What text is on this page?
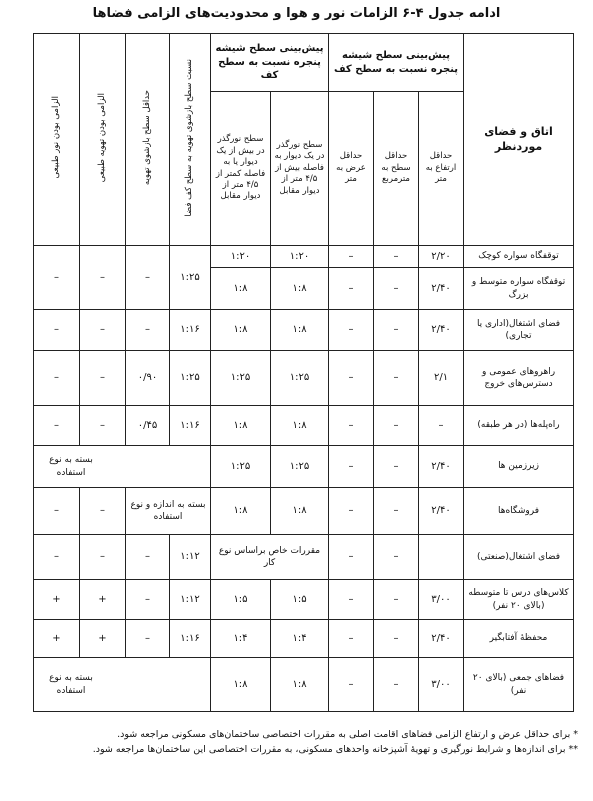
ادامه جدول ۴-۶ الزامات نور و هوا و محدودیت‌های الزامی فضاها
اتاق و فضای موردنظر	پیش‌بینی سطح شیشه پنجره نسبت به سطح کف			پیش‌بینی سطح شیشه پنجره نسبت به سطح کف		نسبت سطح بازشوی تهویه به سطح کف فضا	حداقل سطح بازشوی تهویه	الزامی بودن تهویه طبیعی	الزامی بودن نور طبیعی
	حداقل ارتفاع به متر	حداقل سطح به مترمربع	حداقل عرض به متر	سطح نورگذر در یک دیوار به فاصله بیش از ۴/۵ متر از دیوار مقابل	سطح نورگذر در بیش از یک دیوار یا به فاصله کمتر از ۴/۵ متر از دیوار مقابل				
توقفگاه سواره کوچک	۲/۲۰	–	–	۱:۲۰	۱:۲۰	۱:۲۵	–	–	–
توقفگاه سواره متوسط و بزرگ	۲/۴۰	–	–	۱:۸	۱:۸				
فضای اشتغال(اداری یا تجاری)	۲/۴۰	–	–	۱:۸	۱:۸	۱:۱۶	–	–	–
راهروهای عمومی و دسترس‌های خروج	۲/۱	–	–	۱:۲۵	۱:۲۵	۱:۲۵	۰/۹۰	–	–
راه‌پله‌ها (در هر طبقه)	–	–	–	۱:۸	۱:۸	۱:۱۶	۰/۴۵	–	–
زیرزمین ها	۲/۴۰	–	–	۱:۲۵	۱:۲۵	بسته به نوع استفاده			

فروشگاه‌ها	۲/۴۰	–	–	۱:۸	۱:۸	بسته به اندازه و نوع استفاده		–	–
فضای اشتغال(صنعتی)		–	–	مقررات خاص براساس نوع کار		۱:۱۲	–	–	–
کلاس‌های درس تا متوسطه (بالای ۲۰ نفر)	۳/۰۰	–	–	۱:۵	۱:۵	۱:۱۲	–	+	+
محفظهٔ آفتابگیر	۲/۴۰	–	–	۱:۴	۱:۴	۱:۱۶	–	+	+
فضاهای جمعی (بالای ۲۰ نفر)	۳/۰۰	–	–	۱:۸	۱:۸	بسته به نوع استفاده			
* برای حداقل عرض و ارتفاع الزامی فضاهای اقامت اصلی به مقررات اختصاصی ساختمان‌های مسکونی مراجعه شود.
** برای اندازه‌ها و شرایط نورگیری و تهویهٔ آشپزخانه واحدهای مسکونی، به مقررات اختصاصی این ساختمان‌ها مراجعه شود.
